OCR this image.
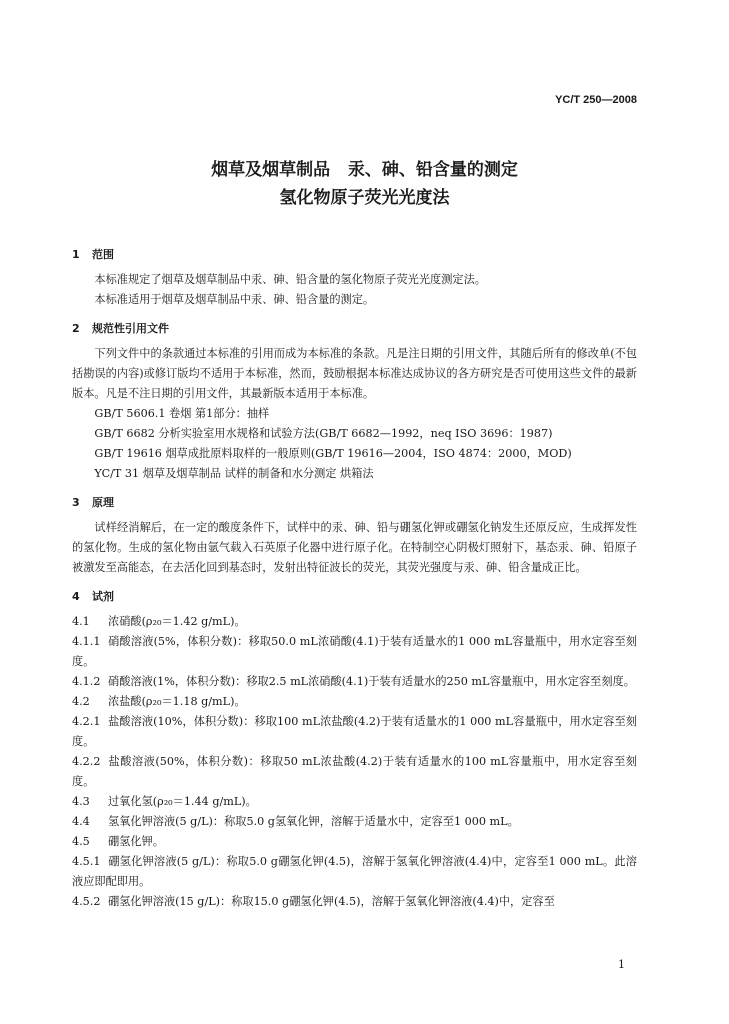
YC/T 250—2008
烟草及烟草制品   汞、砷、铅含量的测定
氢化物原子荧光光度法
1 范围

本标准规定了烟草及烟草制品中汞、砷、铅含量的氢化物原子荧光光度测定法。

本标准适用于烟草及烟草制品中汞、砷、铅含量的测定。

2 规范性引用文件

下列文件中的条款通过本标准的引用而成为本标准的条款。凡是注日期的引用文件，其随后所有的修改单(不包括勘误的内容)或修订版均不适用于本标准，然而，鼓励根据本标准达成协议的各方研究是否可使用这些文件的最新版本。凡是不注日期的引用文件，其最新版本适用于本标准。

GB/T 5606.1 卷烟 第1部分：抽样

GB/T 6682 分析实验室用水规格和试验方法(GB/T 6682—1992，neq ISO 3696：1987)

GB/T 19616 烟草成批原料取样的一般原则(GB/T 19616—2004，ISO 4874：2000，MOD)

YC/T 31 烟草及烟草制品 试样的制备和水分测定 烘箱法

3 原理

试样经消解后，在一定的酸度条件下，试样中的汞、砷、铅与硼氢化钾或硼氢化钠发生还原反应，生成挥发性的氢化物。生成的氢化物由氩气载入石英原子化器中进行原子化。在特制空心阴极灯照射下，基态汞、砷、铅原子被激发至高能态，在去活化回到基态时，发射出特征波长的荧光，其荧光强度与汞、砷、铅含量成正比。

4 试剂

4.1 浓硝酸(ρ₂₀＝1.42 g/mL)。

4.1.1 硝酸溶液(5%，体积分数)：移取50.0 mL浓硝酸(4.1)于装有适量水的1 000 mL容量瓶中，用水定容至刻度。

4.1.2 硝酸溶液(1%，体积分数)：移取2.5 mL浓硝酸(4.1)于装有适量水的250 mL容量瓶中，用水定容至刻度。

4.2 浓盐酸(ρ₂₀＝1.18 g/mL)。

4.2.1 盐酸溶液(10%，体积分数)：移取100 mL浓盐酸(4.2)于装有适量水的1 000 mL容量瓶中，用水定容至刻度。

4.2.2 盐酸溶液(50%，体积分数)：移取50 mL浓盐酸(4.2)于装有适量水的100 mL容量瓶中，用水定容至刻度。

4.3 过氧化氢(ρ₂₀＝1.44 g/mL)。

4.4 氢氧化钾溶液(5 g/L)：称取5.0 g氢氧化钾，溶解于适量水中，定容至1 000 mL。

4.5 硼氢化钾。

4.5.1 硼氢化钾溶液(5 g/L)：称取5.0 g硼氢化钾(4.5)，溶解于氢氧化钾溶液(4.4)中，定容至1 000 mL。此溶液应即配即用。

4.5.2 硼氢化钾溶液(15 g/L)：称取15.0 g硼氢化钾(4.5)，溶解于氢氧化钾溶液(4.4)中，定容至

1
